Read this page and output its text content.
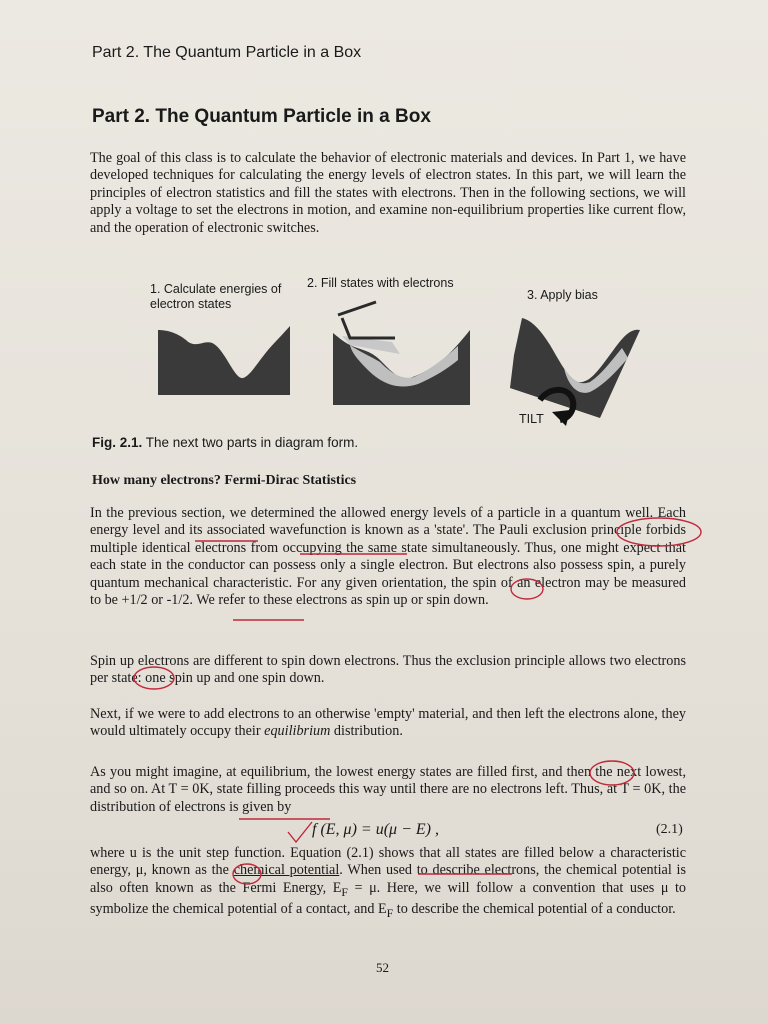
Part 2. The Quantum Particle in a Box
Part 2. The Quantum Particle in a Box

The goal of this class is to calculate the behavior of electronic materials and devices. In Part 1, we have developed techniques for calculating the energy levels of electron states. In this part, we will learn the principles of electron statistics and fill the states with electrons. Then in the following sections, we will apply a voltage to set the electrons in motion, and examine non-equilibrium properties like current flow, and the operation of electronic switches.

1. Calculate energies of electron states
2. Fill states with electrons
3. Apply bias
TILT
Fig. 2.1. The next two parts in diagram form.
How many electrons? Fermi-Dirac Statistics

In the previous section, we determined the allowed energy levels of a particle in a quantum well. Each energy level and its associated wavefunction is known as a 'state'. The Pauli exclusion principle forbids multiple identical electrons from occupying the same state simultaneously. Thus, one might expect that each state in the conductor can possess only a single electron. But electrons also possess spin, a purely quantum mechanical characteristic. For any given orientation, the spin of an electron may be measured to be +1/2 or -1/2. We refer to these electrons as spin up or spin down.

Spin up electrons are different to spin down electrons. Thus the exclusion principle allows two electrons per state: one spin up and one spin down.

Next, if we were to add electrons to an otherwise 'empty' material, and then left the electrons alone, they would ultimately occupy their equilibrium distribution.

As you might imagine, at equilibrium, the lowest energy states are filled first, and then the next lowest, and so on. At T = 0K, state filling proceeds this way until there are no electrons left. Thus, at T = 0K, the distribution of electrons is given by

f (E, μ) = u(μ − E) ,	(2.1)

where u is the unit step function. Equation (2.1) shows that all states are filled below a characteristic energy, μ, known as the chemical potential. When used to describe electrons, the chemical potential is also often known as the Fermi Energy, $E_F = \mu$. Here, we will follow a convention that uses μ to symbolize the chemical potential of a contact, and $E_F$ to describe the chemical potential of a conductor.

52
